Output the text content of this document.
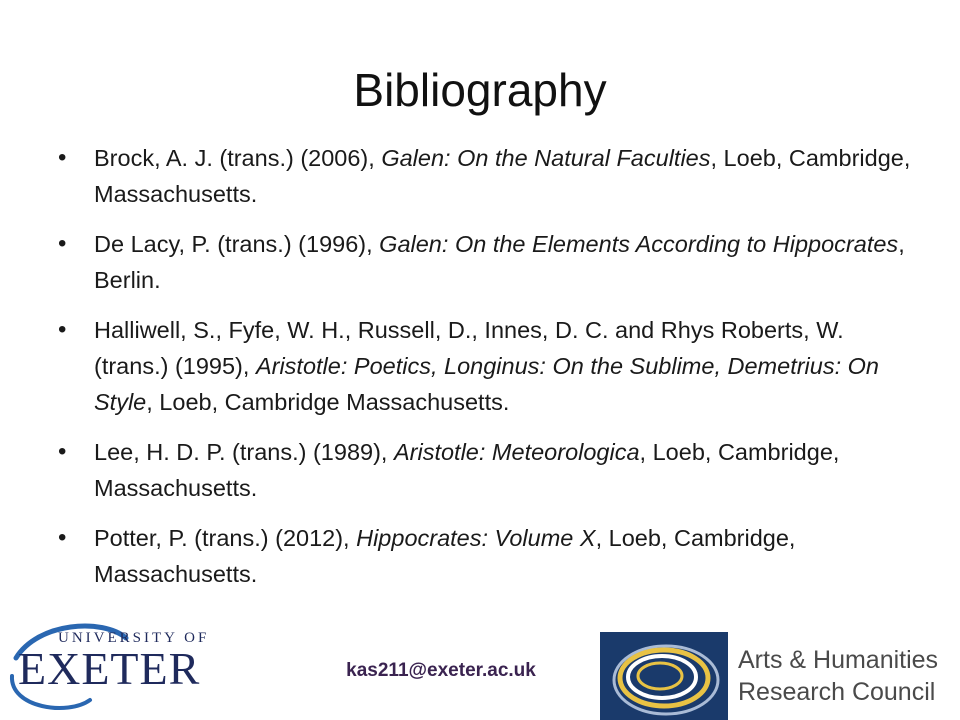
Bibliography
• Brock, A. J. (trans.) (2006), Galen: On the Natural Faculties, Loeb, Cambridge, Massachusetts.
• De Lacy, P. (trans.) (1996), Galen: On the Elements According to Hippocrates, Berlin.
• Halliwell, S., Fyfe, W. H., Russell, D., Innes, D. C. and Rhys Roberts, W. (trans.) (1995), Aristotle: Poetics, Longinus: On the Sublime, Demetrius: On Style, Loeb, Cambridge Massachusetts.
• Lee, H. D. P. (trans.) (1989), Aristotle: Meteorologica, Loeb, Cambridge, Massachusetts.
• Potter, P. (trans.) (2012), Hippocrates: Volume X, Loeb, Cambridge, Massachusetts.
UNIVERSITY OF
EXETER	kas211@exeter.ac.uk	Arts & Humanities
Research Council
